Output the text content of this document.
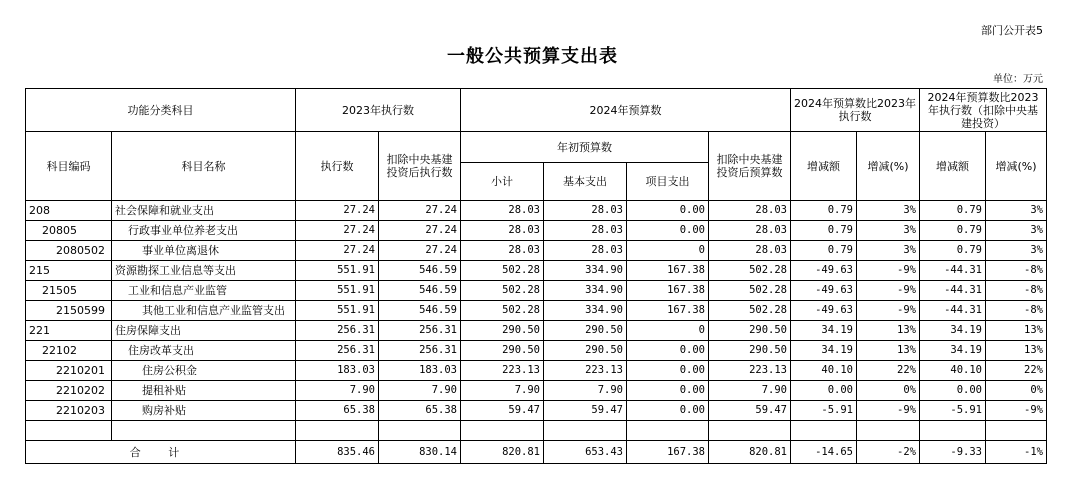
部门公开表5
一般公共预算支出表
单位：万元
功能分类科目		2023年执行数		2024年预算数				2024年预算数比2023年执行数		2024年预算数比2023年执行数（扣除中央基建投资）	
科目编码	科目名称	执行数	扣除中央基建投资后执行数	年初预算数			扣除中央基建投资后预算数	增减额	增减(%)	增减额	增减(%)
				小计	基本支出	项目支出					
208	社会保障和就业支出	27.24	27.24	28.03	28.03	0.00	28.03	0.79	3%	0.79	3%
20805	行政事业单位养老支出	27.24	27.24	28.03	28.03	0.00	28.03	0.79	3%	0.79	3%
2080502	事业单位离退休	27.24	27.24	28.03	28.03	0	28.03	0.79	3%	0.79	3%
215	资源勘探工业信息等支出	551.91	546.59	502.28	334.90	167.38	502.28	-49.63	-9%	-44.31	-8%
21505	工业和信息产业监管	551.91	546.59	502.28	334.90	167.38	502.28	-49.63	-9%	-44.31	-8%
2150599	其他工业和信息产业监管支出	551.91	546.59	502.28	334.90	167.38	502.28	-49.63	-9%	-44.31	-8%
221	住房保障支出	256.31	256.31	290.50	290.50	0	290.50	34.19	13%	34.19	13%
22102	住房改革支出	256.31	256.31	290.50	290.50	0.00	290.50	34.19	13%	34.19	13%
2210201	住房公积金	183.03	183.03	223.13	223.13	0.00	223.13	40.10	22%	40.10	22%
2210202	提租补贴	7.90	7.90	7.90	7.90	0.00	7.90	0.00	0%	0.00	0%
2210203	购房补贴	65.38	65.38	59.47	59.47	0.00	59.47	-5.91	-9%	-5.91	-9%

合 计		835.46	830.14	820.81	653.43	167.38	820.81	-14.65	-2%	-9.33	-1%
